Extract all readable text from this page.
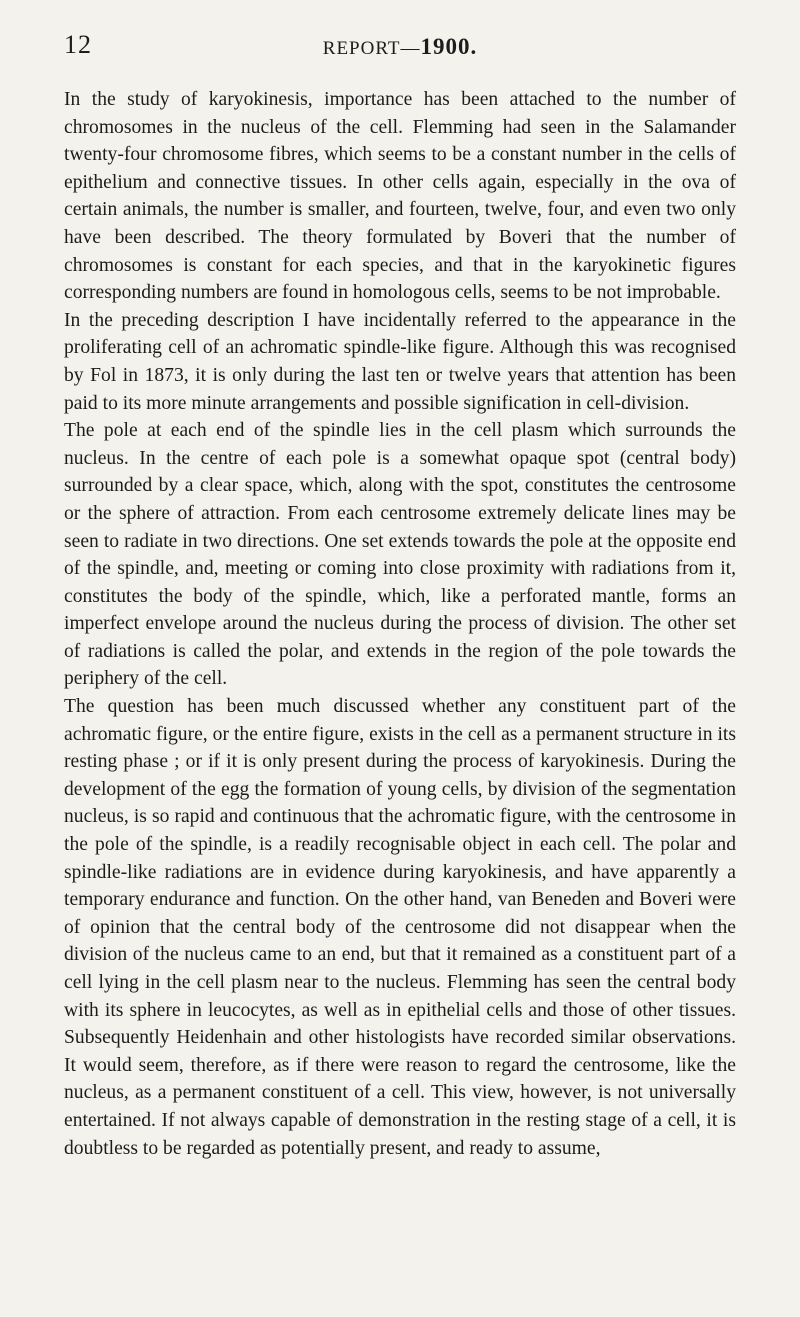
12	REPORT—1900.

In the study of karyokinesis, importance has been attached to the number of chromosomes in the nucleus of the cell. Flemming had seen in the Salamander twenty-four chromosome fibres, which seems to be a constant number in the cells of epithelium and connective tissues. In other cells again, especially in the ova of certain animals, the number is smaller, and fourteen, twelve, four, and even two only have been described. The theory formulated by Boveri that the number of chromosomes is constant for each species, and that in the karyokinetic figures corresponding numbers are found in homologous cells, seems to be not improbable.

In the preceding description I have incidentally referred to the appearance in the proliferating cell of an achromatic spindle-like figure. Although this was recognised by Fol in 1873, it is only during the last ten or twelve years that attention has been paid to its more minute arrangements and possible signification in cell-division.

The pole at each end of the spindle lies in the cell plasm which surrounds the nucleus. In the centre of each pole is a somewhat opaque spot (central body) surrounded by a clear space, which, along with the spot, constitutes the centrosome or the sphere of attraction. From each centrosome extremely delicate lines may be seen to radiate in two directions. One set extends towards the pole at the opposite end of the spindle, and, meeting or coming into close proximity with radiations from it, constitutes the body of the spindle, which, like a perforated mantle, forms an imperfect envelope around the nucleus during the process of division. The other set of radiations is called the polar, and extends in the region of the pole towards the periphery of the cell.

The question has been much discussed whether any constituent part of the achromatic figure, or the entire figure, exists in the cell as a permanent structure in its resting phase ; or if it is only present during the process of karyokinesis. During the development of the egg the formation of young cells, by division of the segmentation nucleus, is so rapid and continuous that the achromatic figure, with the centrosome in the pole of the spindle, is a readily recognisable object in each cell. The polar and spindle-like radiations are in evidence during karyokinesis, and have apparently a temporary endurance and function. On the other hand, van Beneden and Boveri were of opinion that the central body of the centrosome did not disappear when the division of the nucleus came to an end, but that it remained as a constituent part of a cell lying in the cell plasm near to the nucleus. Flemming has seen the central body with its sphere in leucocytes, as well as in epithelial cells and those of other tissues. Subsequently Heidenhain and other histologists have recorded similar observations. It would seem, therefore, as if there were reason to regard the centrosome, like the nucleus, as a permanent constituent of a cell. This view, however, is not universally entertained. If not always capable of demonstration in the resting stage of a cell, it is doubtless to be regarded as potentially present, and ready to assume,
